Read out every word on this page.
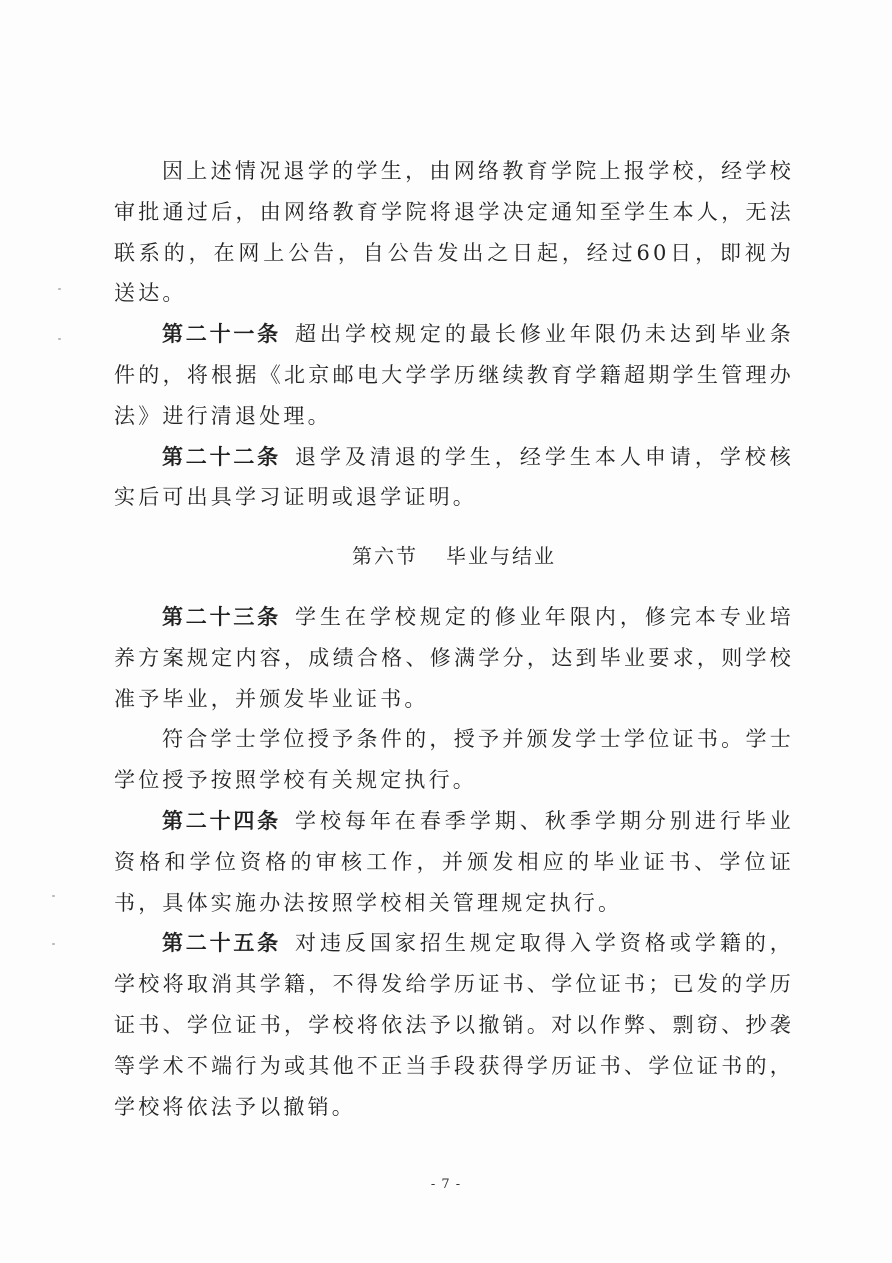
因上述情况退学的学生，由网络教育学院上报学校，经学校审批通过后，由网络教育学院将退学决定通知至学生本人，无法联系的，在网上公告，自公告发出之日起，经过60日，即视为送达。

第二十一条 超出学校规定的最长修业年限仍未达到毕业条件的，将根据《北京邮电大学学历继续教育学籍超期学生管理办法》进行清退处理。

第二十二条 退学及清退的学生，经学生本人申请，学校核实后可出具学习证明或退学证明。

第六节 毕业与结业

第二十三条 学生在学校规定的修业年限内，修完本专业培养方案规定内容，成绩合格、修满学分，达到毕业要求，则学校准予毕业，并颁发毕业证书。

符合学士学位授予条件的，授予并颁发学士学位证书。学士学位授予按照学校有关规定执行。

第二十四条 学校每年在春季学期、秋季学期分别进行毕业资格和学位资格的审核工作，并颁发相应的毕业证书、学位证书，具体实施办法按照学校相关管理规定执行。

第二十五条 对违反国家招生规定取得入学资格或学籍的，学校将取消其学籍，不得发给学历证书、学位证书；已发的学历证书、学位证书，学校将依法予以撤销。对以作弊、剽窃、抄袭等学术不端行为或其他不正当手段获得学历证书、学位证书的，学校将依法予以撤销。

- 7 -
